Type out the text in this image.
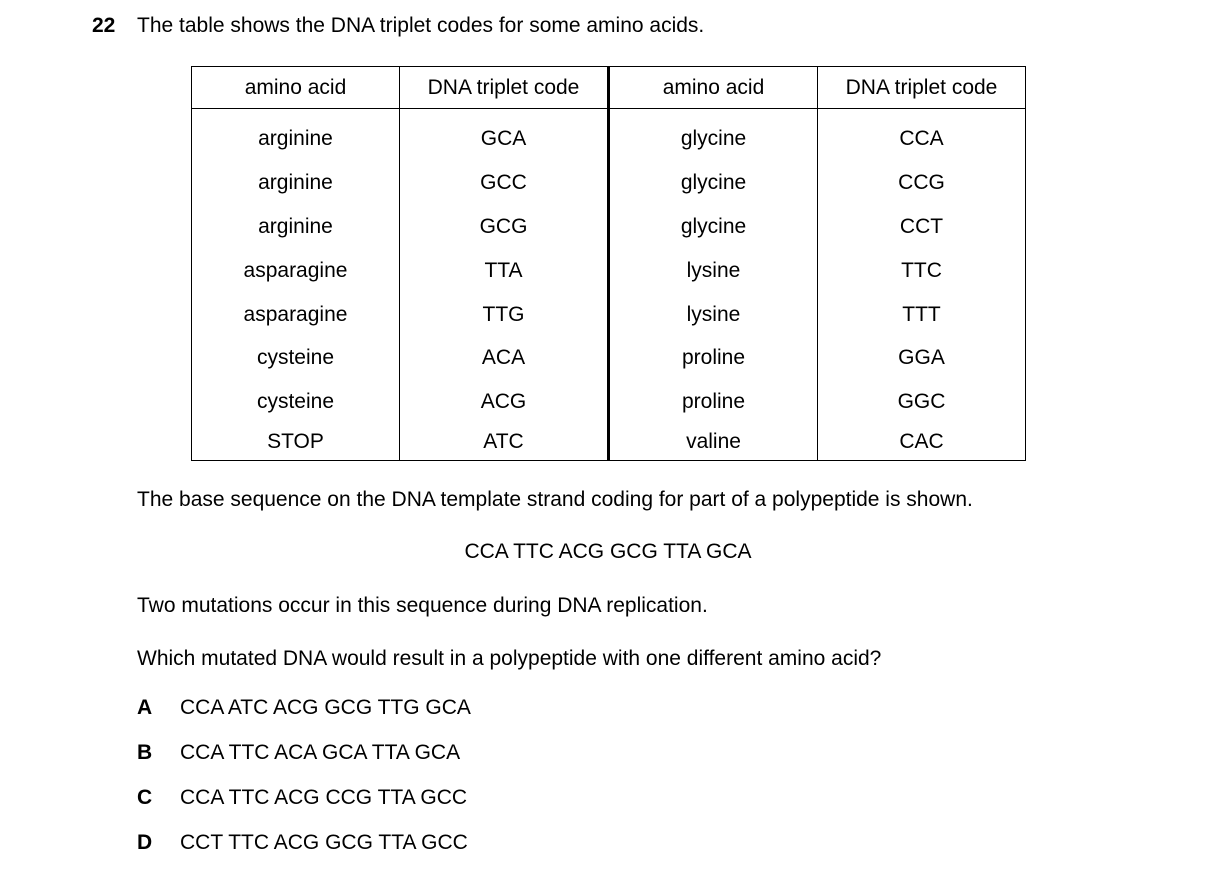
22 The table shows the DNA triplet codes for some amino acids.
amino acid	DNA triplet code	amino acid	DNA triplet code
arginine	GCA	glycine	CCA
arginine	GCC	glycine	CCG
arginine	GCG	glycine	CCT
asparagine	TTA	lysine	TTC
asparagine	TTG	lysine	TTT
cysteine	ACA	proline	GGA
cysteine	ACG	proline	GGC
STOP	ATC	valine	CAC
The base sequence on the DNA template strand coding for part of a polypeptide is shown.
CCA TTC ACG GCG TTA GCA
Two mutations occur in this sequence during DNA replication.
Which mutated DNA would result in a polypeptide with one different amino acid?
A CCA ATC ACG GCG TTG GCA
B CCA TTC ACA GCA TTA GCA
C CCA TTC ACG CCG TTA GCC
D CCT TTC ACG GCG TTA GCC
